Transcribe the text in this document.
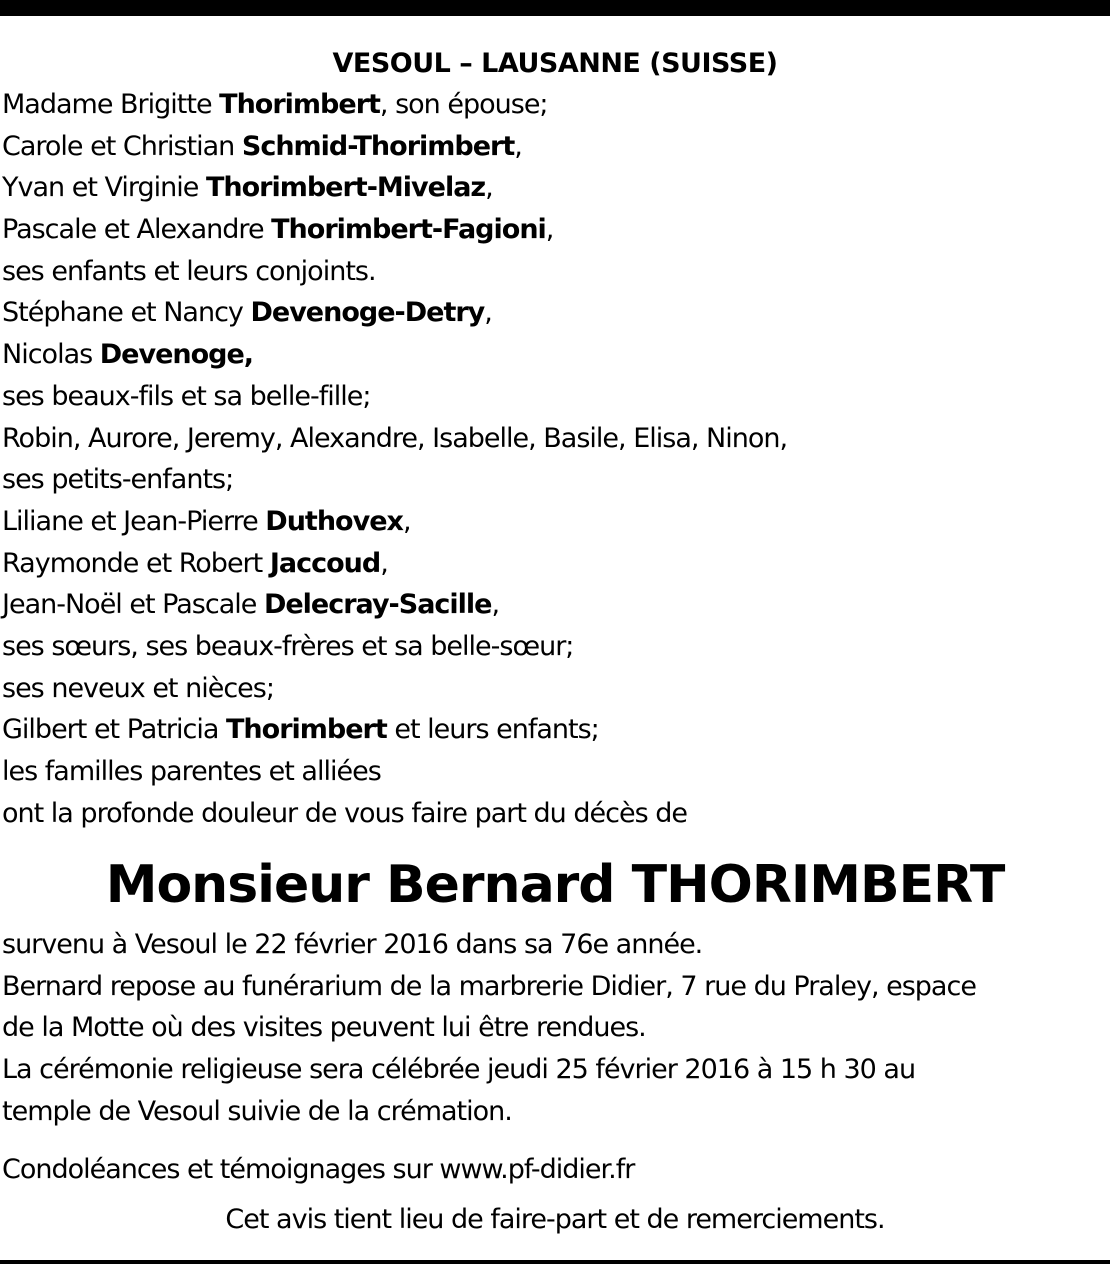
VESOUL – LAUSANNE (SUISSE)
Madame Brigitte Thorimbert, son épouse;
Carole et Christian Schmid-Thorimbert,
Yvan et Virginie Thorimbert-Mivelaz,
Pascale et Alexandre Thorimbert-Fagioni,
ses enfants et leurs conjoints.
Stéphane et Nancy Devenoge-Detry,
Nicolas Devenoge,
ses beaux-fils et sa belle-fille;
Robin, Aurore, Jeremy, Alexandre, Isabelle, Basile, Elisa, Ninon,
ses petits-enfants;
Liliane et Jean-Pierre Duthovex,
Raymonde et Robert Jaccoud,
Jean-Noël et Pascale Delecray-Sacille,
ses sœurs, ses beaux-frères et sa belle-sœur;
ses neveux et nièces;
Gilbert et Patricia Thorimbert et leurs enfants;
les familles parentes et alliées
ont la profonde douleur de vous faire part du décès de
Monsieur Bernard THORIMBERT
survenu à Vesoul le 22 février 2016 dans sa 76e année.
Bernard repose au funérarium de la marbrerie Didier, 7 rue du Praley, espace
de la Motte où des visites peuvent lui être rendues.
La cérémonie religieuse sera célébrée jeudi 25 février 2016 à 15 h 30 au
temple de Vesoul suivie de la crémation.
Condoléances et témoignages sur www.pf-didier.fr
Cet avis tient lieu de faire-part et de remerciements.
